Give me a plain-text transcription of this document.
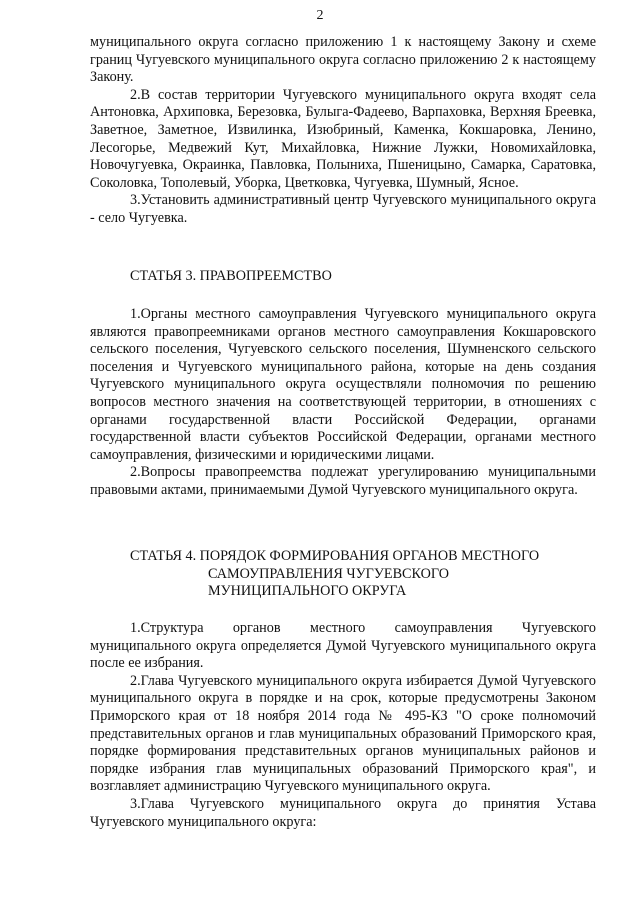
2

муниципального округа согласно приложению 1 к настоящему Закону и схеме границ Чугуевского муниципального округа согласно приложению 2 к настоящему Закону.

2.В состав территории Чугуевского муниципального округа входят села Антоновка, Архиповка, Березовка, Булыга-Фадеево, Варпаховка, Верхняя Бреевка, Заветное, Заметное, Извилинка, Изюбриный, Каменка, Кокшаровка, Ленино, Лесогорье, Медвежий Кут, Михайловка, Нижние Лужки, Новомихайловка, Новочугуевка, Окраинка, Павловка, Полыниха, Пшеницыно, Самарка, Саратовка, Соколовка, Тополевый, Уборка, Цветковка, Чугуевка, Шумный, Ясное.

3.Установить административный центр Чугуевского муниципального округа - село Чугуевка.

СТАТЬЯ 3. ПРАВОПРЕЕМСТВО

1.Органы местного самоуправления Чугуевского муниципального округа являются правопреемниками органов местного самоуправления Кокшаровского сельского поселения, Чугуевского сельского поселения, Шумненского сельского поселения и Чугуевского муниципального района, которые на день создания Чугуевского муниципального округа осуществляли полномочия по решению вопросов местного значения на соответствующей территории, в отношениях с органами государственной власти Российской Федерации, органами государственной власти субъектов Российской Федерации, органами местного самоуправления, физическими и юридическими лицами.

2.Вопросы правопреемства подлежат урегулированию муниципальными правовыми актами, принимаемыми Думой Чугуевского муниципального округа.

СТАТЬЯ 4. ПОРЯДОК ФОРМИРОВАНИЯ ОРГАНОВ МЕСТНОГО
САМОУПРАВЛЕНИЯ ЧУГУЕВСКОГО
МУНИЦИПАЛЬНОГО ОКРУГА

1.Структура органов местного самоуправления Чугуевского муниципального округа определяется Думой Чугуевского муниципального округа после ее избрания.

2.Глава Чугуевского муниципального округа избирается Думой Чугуевского муниципального округа в порядке и на срок, которые предусмотрены Законом Приморского края от 18 ноября 2014 года № 495-КЗ "О сроке полномочий представительных органов и глав муниципальных образований Приморского края, порядке формирования представительных органов муниципальных районов и порядке избрания глав муниципальных образований Приморского края", и возглавляет администрацию Чугуевского муниципального округа.

3.Глава Чугуевского муниципального округа до принятия Устава Чугуевского муниципального округа:
